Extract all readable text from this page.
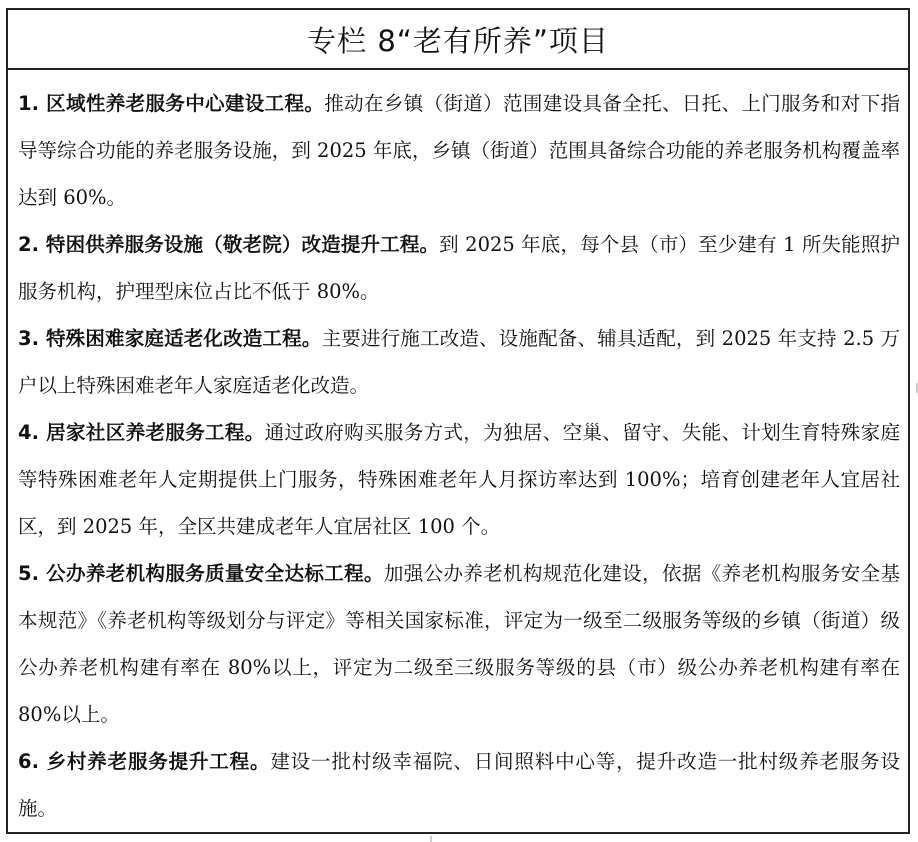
专栏 8“老有所养”项目

1. 区域性养老服务中心建设工程。推动在乡镇（街道）范围建设具备全托、日托、上门服务和对下指导等综合功能的养老服务设施，到 2025 年底，乡镇（街道）范围具备综合功能的养老服务机构覆盖率达到 60%。

2. 特困供养服务设施（敬老院）改造提升工程。到 2025 年底，每个县（市）至少建有 1 所失能照护服务机构，护理型床位占比不低于 80%。

3. 特殊困难家庭适老化改造工程。主要进行施工改造、设施配备、辅具适配，到 2025 年支持 2.5 万户以上特殊困难老年人家庭适老化改造。

4. 居家社区养老服务工程。通过政府购买服务方式，为独居、空巢、留守、失能、计划生育特殊家庭等特殊困难老年人定期提供上门服务，特殊困难老年人月探访率达到 100%；培育创建老年人宜居社区，到 2025 年，全区共建成老年人宜居社区 100 个。

5. 公办养老机构服务质量安全达标工程。加强公办养老机构规范化建设，依据《养老机构服务安全基本规范》《养老机构等级划分与评定》等相关国家标准，评定为一级至二级服务等级的乡镇（街道）级公办养老机构建有率在 80%以上，评定为二级至三级服务等级的县（市）级公办养老机构建有率在 80%以上。

6. 乡村养老服务提升工程。建设一批村级幸福院、日间照料中心等，提升改造一批村级养老服务设施。
